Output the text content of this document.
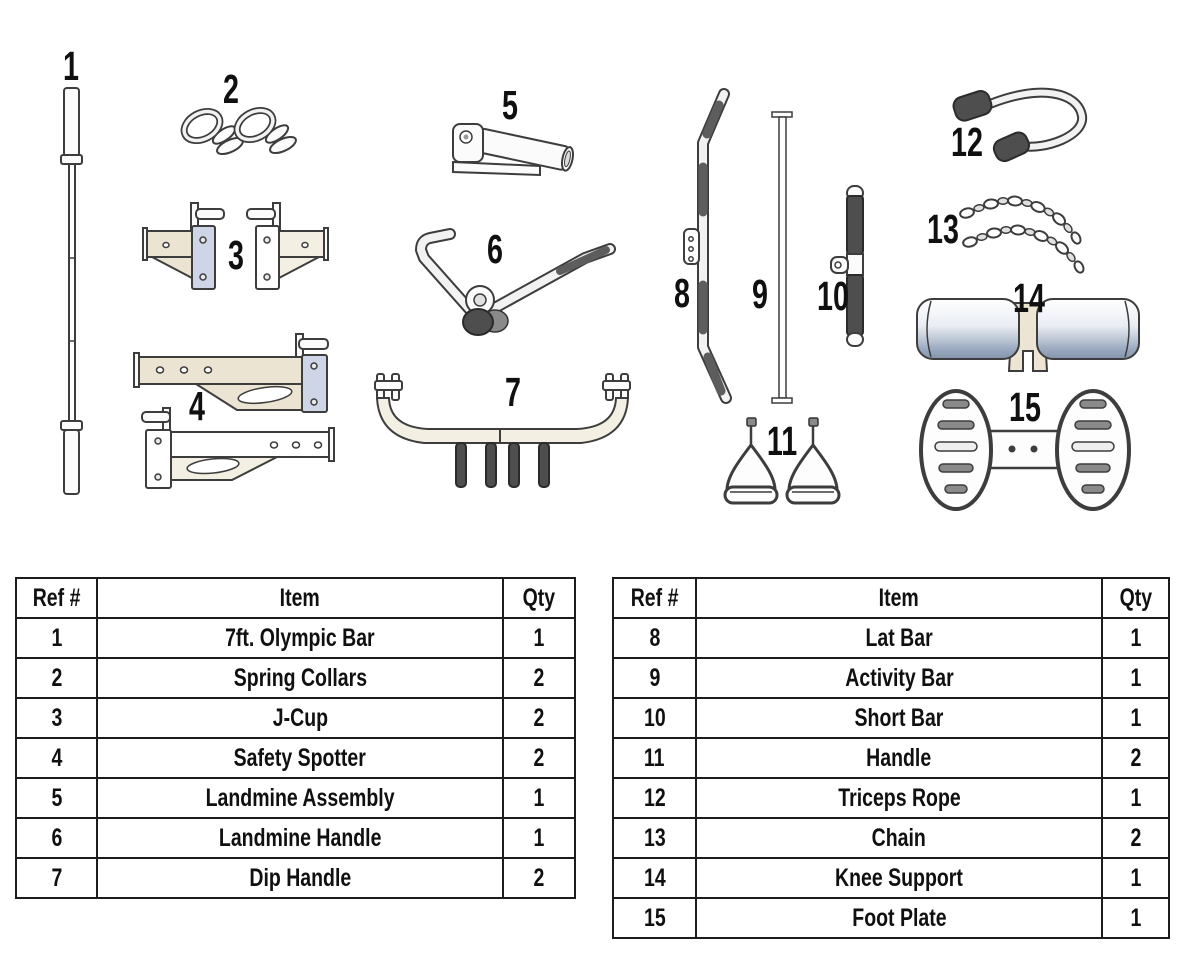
1
2
3
4
5
6
7
8 9 10
11
12
13
14
15
Ref #	Item	Qty
1	7ft. Olympic Bar	1
2	Spring Collars	2
3	J-Cup	2
4	Safety Spotter	2
5	Landmine Assembly	1
6	Landmine Handle	1
7	Dip Handle	2
Ref #	Item	Qty
8	Lat Bar	1
9	Activity Bar	1
10	Short Bar	1
11	Handle	2
12	Triceps Rope	1
13	Chain	2
14	Knee Support	1
15	Foot Plate	1
